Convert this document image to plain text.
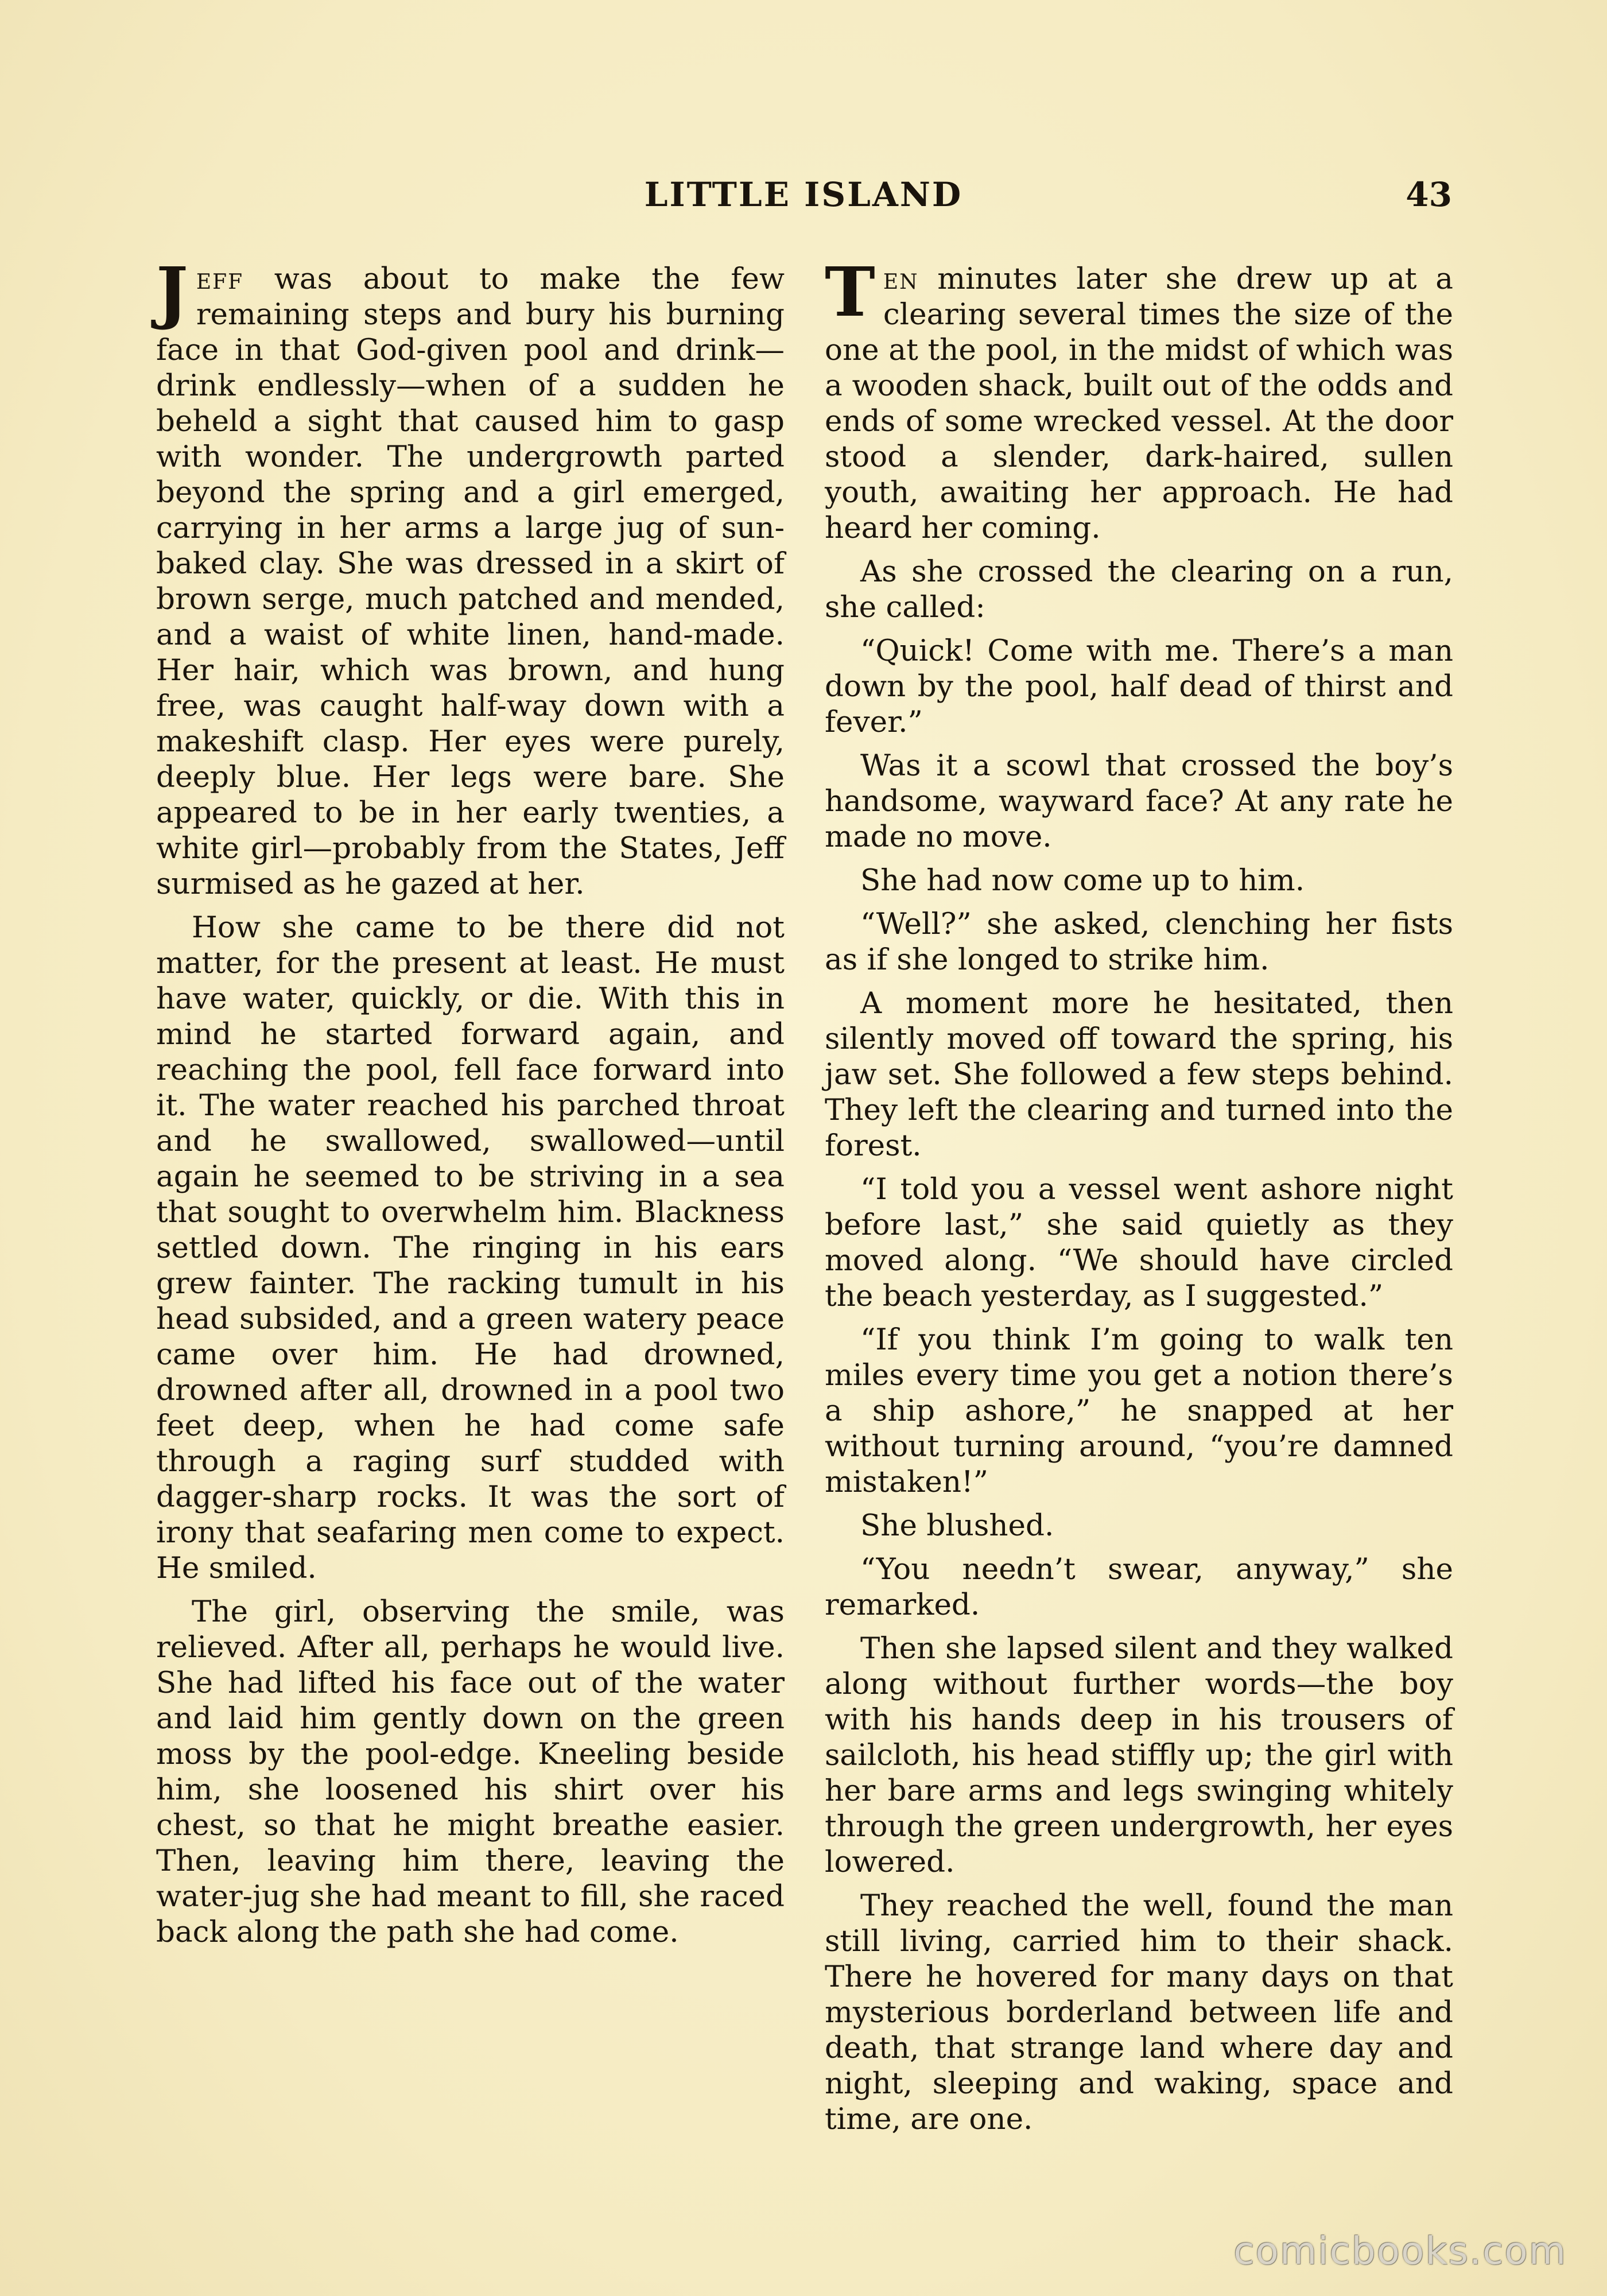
LITTLE ISLAND	43

Jeff was about to make the few remaining steps and bury his burning face in that God-given pool and drink—drink endlessly—when of a sudden he beheld a sight that caused him to gasp with wonder. The undergrowth parted beyond the spring and a girl emerged, carrying in her arms a large jug of sun-baked clay. She was dressed in a skirt of brown serge, much patched and mended, and a waist of white linen, hand-made. Her hair, which was brown, and hung free, was caught half-way down with a makeshift clasp. Her eyes were purely, deeply blue. Her legs were bare. She appeared to be in her early twenties, a white girl—probably from the States, Jeff surmised as he gazed at her.

How she came to be there did not matter, for the present at least. He must have water, quickly, or die. With this in mind he started forward again, and reaching the pool, fell face forward into it. The water reached his parched throat and he swallowed, swallowed—until again he seemed to be striving in a sea that sought to overwhelm him. Blackness settled down. The ringing in his ears grew fainter. The racking tumult in his head subsided, and a green watery peace came over him. He had drowned, drowned after all, drowned in a pool two feet deep, when he had come safe through a raging surf studded with dagger-sharp rocks. It was the sort of irony that seafaring men come to expect. He smiled.

The girl, observing the smile, was relieved. After all, perhaps he would live. She had lifted his face out of the water and laid him gently down on the green moss by the pool-edge. Kneeling beside him, she loosened his shirt over his chest, so that he might breathe easier. Then, leaving him there, leaving the water-jug she had meant to fill, she raced back along the path she had come.

Ten minutes later she drew up at a clearing several times the size of the one at the pool, in the midst of which was a wooden shack, built out of the odds and ends of some wrecked vessel. At the door stood a slender, dark-haired, sullen youth, awaiting her approach. He had heard her coming.

As she crossed the clearing on a run, she called:

“Quick! Come with me. There’s a man down by the pool, half dead of thirst and fever.”

Was it a scowl that crossed the boy’s handsome, wayward face? At any rate he made no move.

She had now come up to him.

“Well?” she asked, clenching her fists as if she longed to strike him.

A moment more he hesitated, then silently moved off toward the spring, his jaw set. She followed a few steps behind. They left the clearing and turned into the forest.

“I told you a vessel went ashore night before last,” she said quietly as they moved along. “We should have circled the beach yesterday, as I suggested.”

“If you think I’m going to walk ten miles every time you get a notion there’s a ship ashore,” he snapped at her without turning around, “you’re damned mistaken!”

She blushed.

“You needn’t swear, anyway,” she remarked.

Then she lapsed silent and they walked along without further words—the boy with his hands deep in his trousers of sailcloth, his head stiffly up; the girl with her bare arms and legs swinging whitely through the green undergrowth, her eyes lowered.

They reached the well, found the man still living, carried him to their shack. There he hovered for many days on that mysterious borderland between life and death, that strange land where day and night, sleeping and waking, space and time, are one.

comicbooks.com
